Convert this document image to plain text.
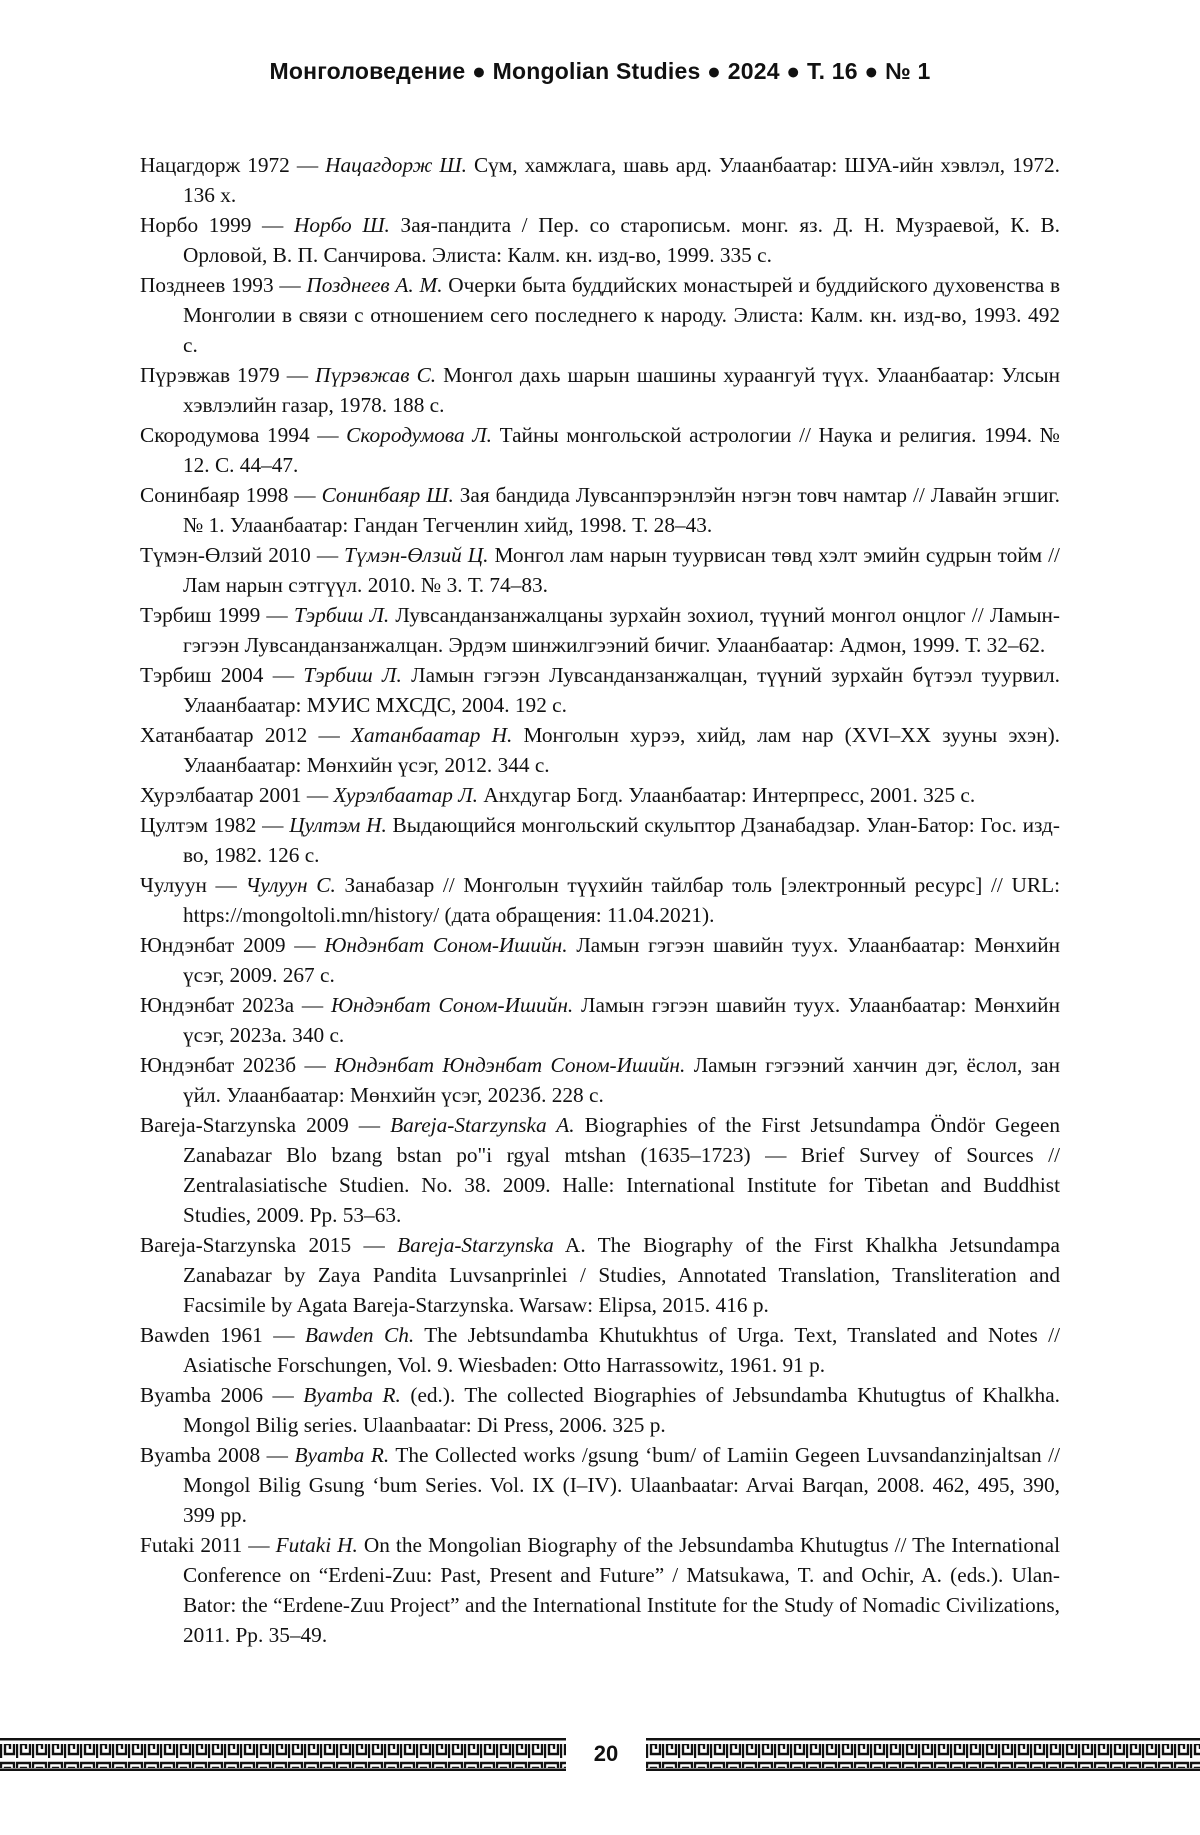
Монголоведение ● Mongolian Studies ● 2024 ● Т. 16 ● № 1
Нацагдорж 1972 — Нацагдорж Ш. Сүм, хамжлага, шавь ард. Улаанбаатар: ШУА-ийн хэвлэл, 1972. 136 х.
Норбо 1999 — Норбо Ш. Зая-пандита / Пер. со старописьм. монг. яз. Д. Н. Музраевой, К. В. Орловой, В. П. Санчирова. Элиста: Калм. кн. изд-во, 1999. 335 с.
Позднеев 1993 — Позднеев А. М. Очерки быта буддийских монастырей и буддийского духовенства в Монголии в связи с отношением сего последнего к народу. Элиста: Калм. кн. изд-во, 1993. 492 с.
Пүрэвжав 1979 — Пүрэвжав С. Монгол дахь шарын шашины хураангуй түүх. Улаанбаатар: Улсын хэвлэлийн газар, 1978. 188 с.
Скородумова 1994 — Скородумова Л. Тайны монгольской астрологии // Наука и религия. 1994. № 12. С. 44–47.
Сонинбаяр 1998 — Сонинбаяр Ш. Зая бандида Лувсанпэрэнлэйн нэгэн товч намтар // Лавайн эгшиг. № 1. Улаанбаатар: Гандан Тегченлин хийд, 1998. Т. 28–43.
Түмэн-Өлзий 2010 — Түмэн-Өлзий Ц. Монгол лам нарын туурвисан төвд хэлт эмийн судрын тойм // Лам нарын сэтгүүл. 2010. № 3. Т. 74–83.
Тэрбиш 1999 — Тэрбиш Л. Лувсанданзанжалцаны зурхайн зохиол, түүний монгол онцлог // Ламын-гэгээн Лувсанданзанжалцан. Эрдэм шинжилгээний бичиг. Улаанбаатар: Адмон, 1999. Т. 32–62.
Тэрбиш 2004 — Тэрбиш Л. Ламын гэгээн Лувсанданзанжалцан, түүний зурхайн бүтээл туурвил. Улаанбаатар: МУИС МХСДС, 2004. 192 с.
Хатанбаатар 2012 — Хатанбаатар Н. Монголын хурээ, хийд, лам нар (XVI–XX зууны эхэн). Улаанбаатар: Мөнхийн үсэг, 2012. 344 с.
Хурэлбаатар 2001 — Хурэлбаатар Л. Анхдугар Богд. Улаанбаатар: Интерпресс, 2001. 325 с.
Цултэм 1982 — Цултэм Н. Выдающийся монгольский скульптор Дзанабадзар. Улан-Батор: Гос. изд-во, 1982. 126 с.
Чулуун — Чулуун С. Занабазар // Монголын түүхийн тайлбар толь [электронный ресурс] // URL: https://mongoltoli.mn/history/ (дата обращения: 11.04.2021).
Юндэнбат 2009 — Юндэнбат Соном-Ишийн. Ламын гэгээн шавийн туух. Улаанбаатар: Мөнхийн үсэг, 2009. 267 с.
Юндэнбат 2023а — Юндэнбат Соном-Ишийн. Ламын гэгээн шавийн туух. Улаанбаатар: Мөнхийн үсэг, 2023а. 340 с.
Юндэнбат 2023б — Юндэнбат Юндэнбат Соном-Ишийн. Ламын гэгээний ханчин дэг, ёслол, зан үйл. Улаанбаатар: Мөнхийн үсэг, 2023б. 228 с.
Bareja-Starzynska 2009 — Bareja-Starzynska A. Biographies of the First Jetsundampa Öndör Gegeen Zanabazar Blo bzang bstan po"i rgyal mtshan (1635–1723) — Brief Survey of Sources // Zentralasiatische Studien. No. 38. 2009. Halle: International Institute for Tibetan and Buddhist Studies, 2009. Pp. 53–63.
Bareja-Starzynska 2015 — Bareja-Starzynska A. The Biography of the First Khalkha Jetsundampa Zanabazar by Zaya Pandita Luvsanprinlei / Studies, Annotated Translation, Transliteration and Facsimile by Agata Bareja-Starzynska. Warsaw: Elipsa, 2015. 416 p.
Bawden 1961 — Bawden Ch. The Jebtsundamba Khutukhtus of Urga. Text, Translated and Notes // Asiatische Forschungen, Vol. 9. Wiesbaden: Otto Harrassowitz, 1961. 91 p.
Byamba 2006 — Byamba R. (ed.). The collected Biographies of Jebsundamba Khutugtus of Khalkha. Mongol Bilig series. Ulaanbaatar: Di Press, 2006. 325 p.
Byamba 2008 — Byamba R. The Collected works /gsung ‘bum/ of Lamiin Gegeen Luvsandanzinjaltsan // Mongol Bilig Gsung ‘bum Series. Vol. IX (I–IV). Ulaanbaatar: Arvai Barqan, 2008. 462, 495, 390, 399 pp.
Futaki 2011 — Futaki H. On the Mongolian Biography of the Jebsundamba Khutugtus // The International Conference on “Erdeni-Zuu: Past, Present and Future” / Matsukawa, T. and Ochir, A. (eds.). Ulan-Bator: the “Erdene-Zuu Project” and the International Institute for the Study of Nomadic Civilizations, 2011. Pp. 35–49.
20
